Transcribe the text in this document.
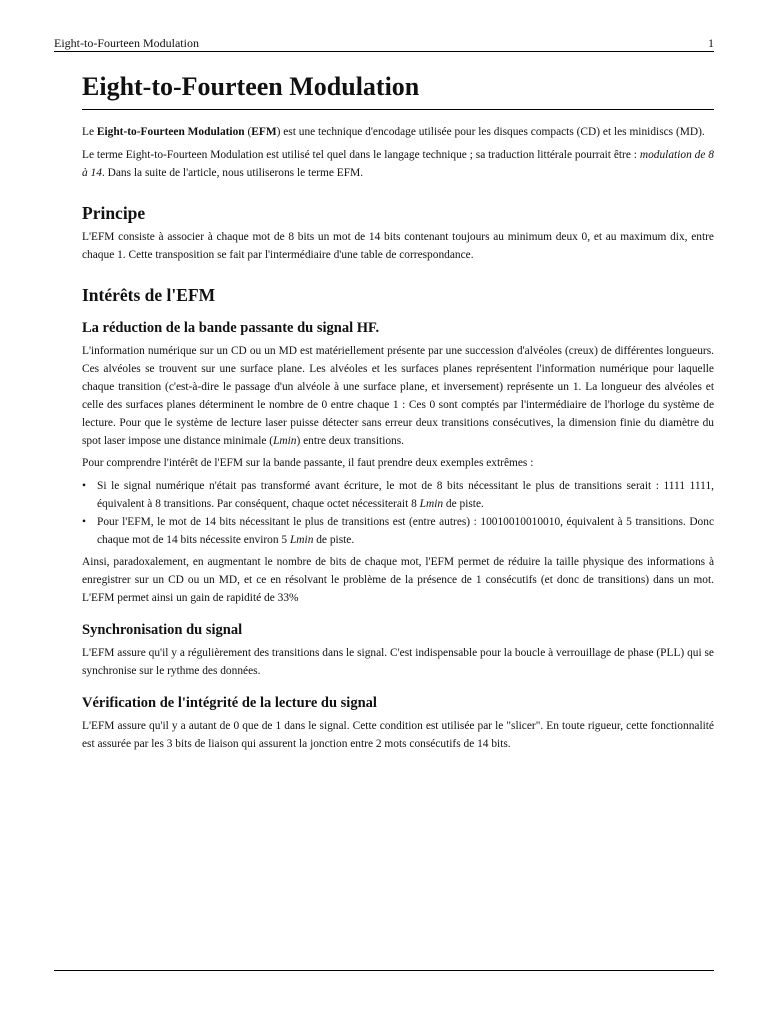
Eight-to-Fourteen Modulation	1
Eight-to-Fourteen Modulation

Le Eight-to-Fourteen Modulation (EFM) est une technique d'encodage utilisée pour les disques compacts (CD) et les minidiscs (MD).

Le terme Eight-to-Fourteen Modulation est utilisé tel quel dans le langage technique ; sa traduction littérale pourrait être : modulation de 8 à 14. Dans la suite de l'article, nous utiliserons le terme EFM.

Principe

L'EFM consiste à associer à chaque mot de 8 bits un mot de 14 bits contenant toujours au minimum deux 0, et au maximum dix, entre chaque 1. Cette transposition se fait par l'intermédiaire d'une table de correspondance.

Intérêts de l'EFM
La réduction de la bande passante du signal HF.

L'information numérique sur un CD ou un MD est matériellement présente par une succession d'alvéoles (creux) de différentes longueurs. Ces alvéoles se trouvent sur une surface plane. Les alvéoles et les surfaces planes représentent l'information numérique pour laquelle chaque transition (c'est-à-dire le passage d'un alvéole à une surface plane, et inversement) représente un 1. La longueur des alvéoles et celle des surfaces planes déterminent le nombre de 0 entre chaque 1 : Ces 0 sont comptés par l'intermédiaire de l'horloge du système de lecture. Pour que le système de lecture laser puisse détecter sans erreur deux transitions consécutives, la dimension finie du diamètre du spot laser impose une distance minimale (Lmin) entre deux transitions.

Pour comprendre l'intérêt de l'EFM sur la bande passante, il faut prendre deux exemples extrêmes :

• Si le signal numérique n'était pas transformé avant écriture, le mot de 8 bits nécessitant le plus de transitions serait : 1111 1111, équivalent à 8 transitions. Par conséquent, chaque octet nécessiterait 8 Lmin de piste.
• Pour l'EFM, le mot de 14 bits nécessitant le plus de transitions est (entre autres) : 10010010010010, équivalent à 5 transitions. Donc chaque mot de 14 bits nécessite environ 5 Lmin de piste.

Ainsi, paradoxalement, en augmentant le nombre de bits de chaque mot, l'EFM permet de réduire la taille physique des informations à enregistrer sur un CD ou un MD, et ce en résolvant le problème de la présence de 1 consécutifs (et donc de transitions) dans un mot. L'EFM permet ainsi un gain de rapidité de 33%

Synchronisation du signal

L'EFM assure qu'il y a régulièrement des transitions dans le signal. C'est indispensable pour la boucle à verrouillage de phase (PLL) qui se synchronise sur le rythme des données.

Vérification de l'intégrité de la lecture du signal

L'EFM assure qu'il y a autant de 0 que de 1 dans le signal. Cette condition est utilisée par le "slicer". En toute rigueur, cette fonctionnalité est assurée par les 3 bits de liaison qui assurent la jonction entre 2 mots consécutifs de 14 bits.
